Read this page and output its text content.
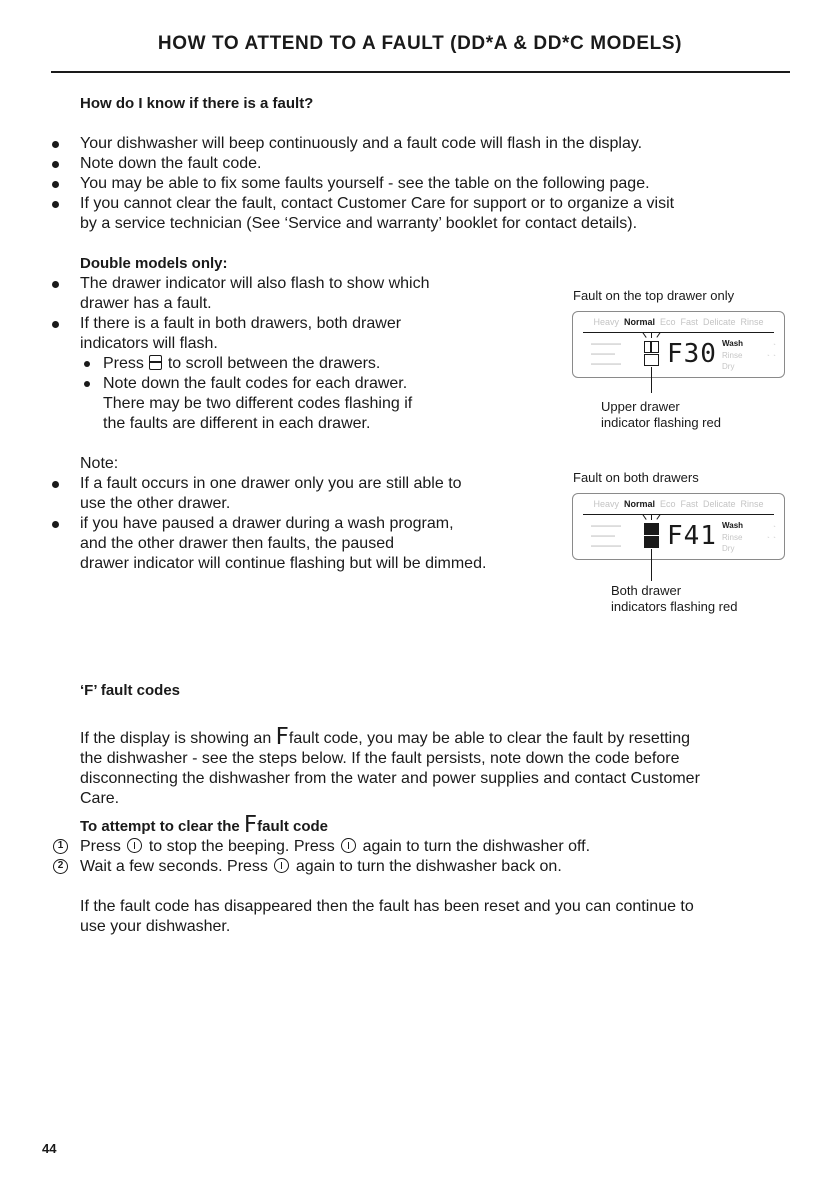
HOW TO ATTEND TO A FAULT (DD*A & DD*C MODELS)
How do I know if there is a fault?
Your dishwasher will beep continuously and a fault code will flash in the display.
Note down the fault code.
You may be able to fix some faults yourself - see the table on the following page.
If you cannot clear the fault, contact Customer Care for support or to organize a visit
by a service technician (See ‘Service and warranty’ booklet for contact details).
Double models only:
The drawer indicator will also flash to show which
drawer has a fault.
If there is a fault in both drawers, both drawer
indicators will flash.
Press to scroll between the drawers.
Note down the fault codes for each drawer.
There may be two different codes flashing if
the faults are different in each drawer.
Note:
If a fault occurs in one drawer only you are still able to
use the other drawer.
if you have paused a drawer during a wash program,
and the other drawer then faults, the paused
drawer indicator will continue flashing but will be dimmed.
Fault on the top drawer only
Heavy Normal Eco Fast Delicate Rinse
▬▬▬▬▬
▬▬▬▬
▬▬▬▬▬ F30 Wash
Rinse
Dry
◔
◔ ◔
Upper drawer
indicator flashing red
Fault on both drawers
Heavy Normal Eco Fast Delicate Rinse
▬▬▬▬▬
▬▬▬▬
▬▬▬▬▬ F41 Wash
Rinse
Dry
◔
◔ ◔
Both drawer
indicators flashing red
‘F’ fault codes
If the display is showing an Ffault code, you may be able to clear the fault by resetting
the dishwasher - see the steps below. If the fault persists, note down the code before
disconnecting the dishwasher from the water and power supplies and contact Customer
Care.
To attempt to clear the Ffault code
1 Press to stop the beeping. Press again to turn the dishwasher off.
2 Wait a few seconds. Press again to turn the dishwasher back on.
If the fault code has disappeared then the fault has been reset and you can continue to
use your dishwasher.
44
